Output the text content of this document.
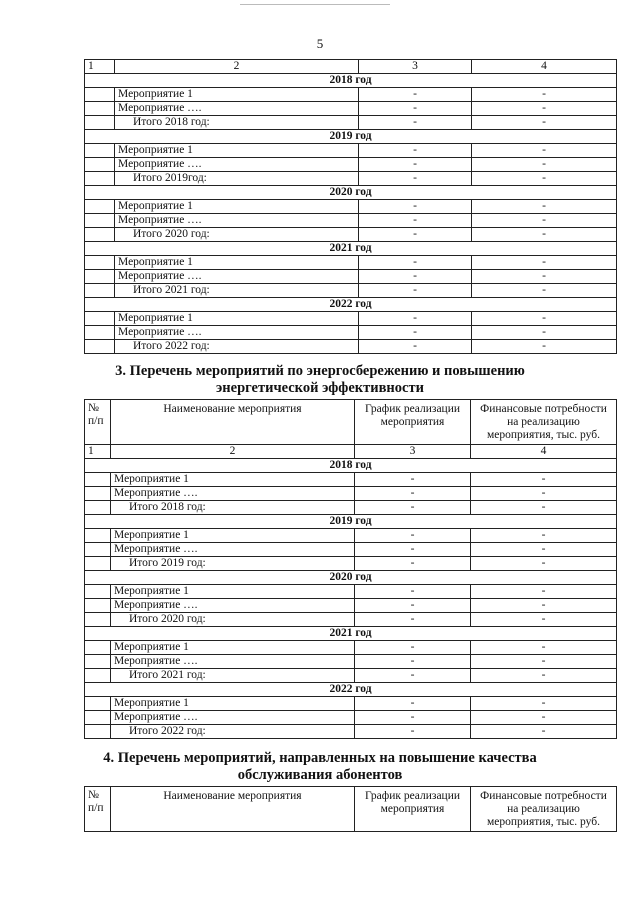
5
1	2	3	4
2018 год			
	Мероприятие 1	-	-
	Мероприятие ….	-	-
	Итого 2018 год:	-	-
2019 год			
	Мероприятие 1	-	-
	Мероприятие ….	-	-
	Итого 2019год:	-	-
2020 год			
	Мероприятие 1	-	-
	Мероприятие ….	-	-
	Итого 2020 год:	-	-
2021 год			
	Мероприятие 1	-	-
	Мероприятие ….	-	-
	Итого 2021 год:	-	-
2022 год			
	Мероприятие 1	-	-
	Мероприятие ….	-	-
	Итого 2022 год:	-	-
3. Перечень мероприятий по энергосбережению и повышению
энергетической эффективности
№ п/п	Наименование мероприятия	График реализации мероприятия	Финансовые потребности на реализацию мероприятия, тыс. руб.
1	2	3	4
2018 год			
	Мероприятие 1	-	-
	Мероприятие ….	-	-
	Итого 2018 год:	-	-
2019 год			
	Мероприятие 1	-	-
	Мероприятие ….	-	-
	Итого 2019 год:	-	-
2020 год			
	Мероприятие 1	-	-
	Мероприятие ….	-	-
	Итого 2020 год:	-	-
2021 год			
	Мероприятие 1	-	-
	Мероприятие ….	-	-
	Итого 2021 год:	-	-
2022 год			
	Мероприятие 1	-	-
	Мероприятие ….	-	-
	Итого 2022 год:	-	-
4. Перечень мероприятий, направленных на повышение качества
обслуживания абонентов
№ п/п	Наименование мероприятия	График реализации мероприятия	Финансовые потребности на реализацию мероприятия, тыс. руб.
